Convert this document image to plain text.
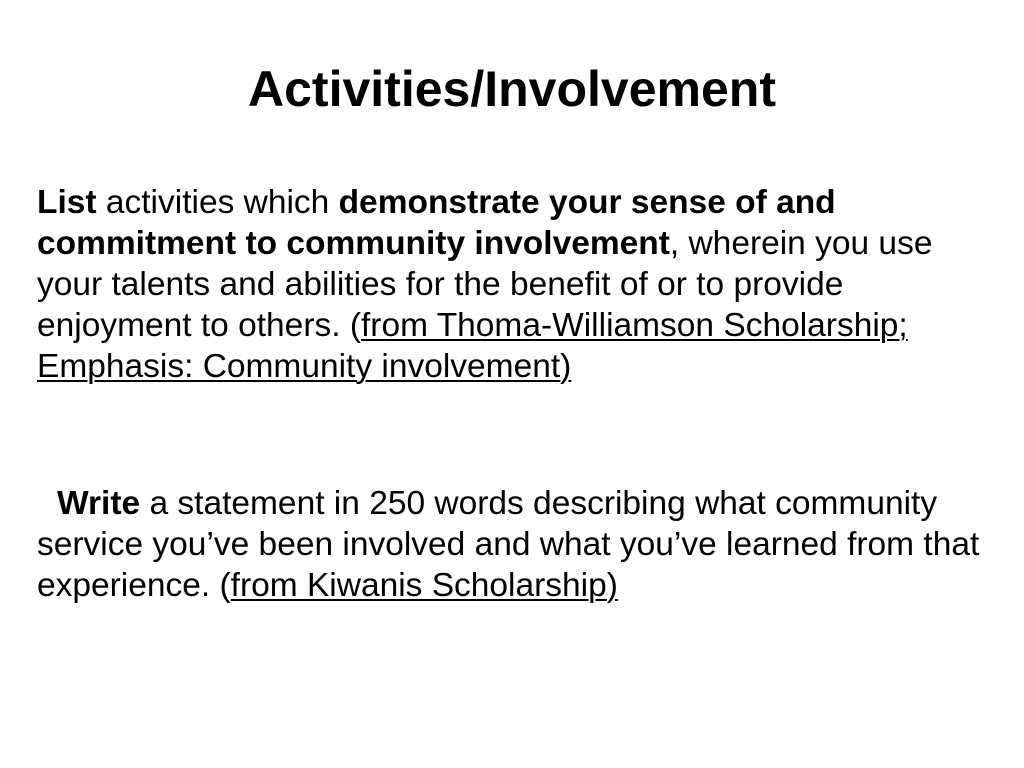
Activities/Involvement
List activities which demonstrate your sense of and commitment to community involvement, wherein you use your talents and abilities for the benefit of or to provide enjoyment to others. (from Thoma-Williamson Scholarship; Emphasis: Community involvement)
Write a statement in 250 words describing what community service you’ve been involved and what you’ve learned from that experience. (from Kiwanis Scholarship)
